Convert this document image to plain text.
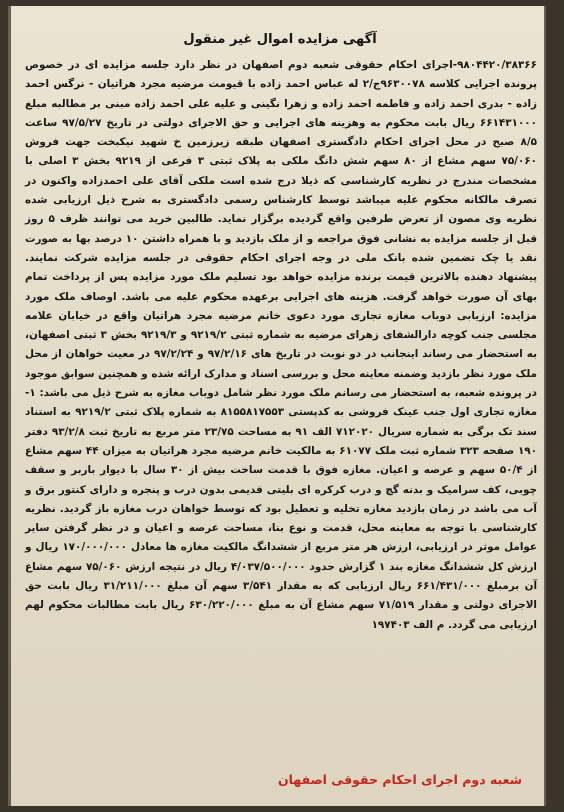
آگهی مزایده اموال غیر منقول
۹۸۰۴۴۲۰/۳۸۳۶۶-اجرای احکام حقوقی شعبه دوم اصفهان در نظر دارد جلسه مزایده ای در خصوص پرونده اجرایی کلاسه ۹۶۳۰۰۷۸ج/۲ له عباس احمد زاده با قیومت مرضیه مجرد هراتیان - نرگس احمد زاده - بدری احمد زاده و فاطمه احمد زاده و زهرا نگینی و علیه علی احمد زاده مبنی بر مطالبه مبلغ ۶۶۱۴۳۱۰۰۰ ریال بابت محکوم به وهزینه های اجرایی و حق الاجرای دولتی در تاریخ ۹۷/۵/۲۷ ساعت ۸/۵ صبح در محل اجرای احکام دادگستری اصفهان طبقه زیرزمین خ شهید نیکبخت جهت فروش ۷۵/۰۶۰ سهم مشاع از ۸۰ سهم شش دانگ ملکی به پلاک ثبتی ۳ فرعی از ۹۲۱۹ بخش ۳ اصلی با مشخصات مندرج در نظریه کارشناسی که ذیلا درج شده است ملکی آقای علی احمدزاده واکنون در تصرف مالکانه محکوم علیه میباشد توسط کارشناس رسمی دادگستری به شرح ذیل ارزیابی شده نظریه وی مصون از تعرض طرفین واقع گردیده برگزار نماید. طالبین خرید می توانند ظرف ۵ روز قبل از جلسه مزایده به نشانی فوق مراجعه و از ملک بازدید و با همراه داشتن ۱۰ درصد بها به صورت نقد یا چک تضمین شده بانک ملی در وجه اجرای احکام حقوقی در جلسه مزایده شرکت نمایند. پیشنهاد دهنده بالاترین قیمت برنده مزایده خواهد بود تسلیم ملک مورد مزایده پس از پرداخت تمام بهای آن صورت خواهد گرفت. هزینه های اجرایی برعهده محکوم علیه می باشد. اوصاف ملک مورد مزایده: ارزیابی دوباب مغازه تجاری مورد دعوی خانم مرضیه مجرد هراتیان واقع در خیابان علامه مجلسی جنب کوچه دارالشفای زهرای مرضیه به شماره ثبتی ۹۲۱۹/۲ و ۹۲۱۹/۳ بخش ۳ ثبتی اصفهان، به استحضار می رساند اینجانب در دو نوبت در تاریخ های ۹۷/۲/۱۶ و ۹۷/۲/۲۴ در معیت خواهان از محل ملک مورد نظر بازدید وضمنه معاینه محل و بررسی اسناد و مدارک ارائه شده و همچنین سوابق موجود در پرونده شعبه، به استحضار می رسانم ملک مورد نظر شامل دوباب مغازه به شرح ذیل می باشد: ۱-مغازه تجاری اول جنب عینک فروشی به کدپستی ۸۱۵۵۸۱۷۵۵۳ به شماره پلاک ثبتی ۹۲۱۹/۲ به استناد سند تک برگی به شماره سریال ۷۱۲۰۲۰ الف ۹۱ به مساحت ۲۳/۷۵ متر مربع به تاریخ ثبت ۹۳/۲/۸ دفتر ۱۹۰ صفحه ۳۲۳ شماره ثبت ملک ۶۱۰۷۷ به مالکیت خانم مرضیه مجرد هراتیان به میزان ۴۴ سهم مشاع از ۵۰/۴ سهم و عرصه و اعیان. مغازه فوق با قدمت ساخت بیش از ۳۰ سال با دیوار باربر و سقف چوبی، کف سرامیک و بدنه گچ و درب کرکره ای بلیتی قدیمی بدون درب و پنجره و دارای کنتور برق و آب می باشد در زمان بازدید مغازه تخلیه و تعطیل بود که توسط خواهان درب مغازه باز گردید. نظریه کارشناسی با توجه به معاینه محل، قدمت و نوع بنا، مساحت عرصه و اعیان و در نظر گرفتن سایر عوامل موثر در ارزیابی، ارزش هر متر مربع از ششدانگ مالکیت مغازه ها معادل ۱۷۰/۰۰۰/۰۰۰ ریال و ارزش کل ششدانگ مغازه بند ۱ گزارش حدود ۴/۰۳۷/۵۰۰/۰۰۰ ریال در نتیجه ارزش ۷۵/۰۶۰ سهم مشاع آن برمبلغ ۶۶۱/۴۳۱/۰۰۰ ریال ارزیابی که به مقدار ۳/۵۴۱ سهم آن مبلغ ۳۱/۲۱۱/۰۰۰ ریال بابت حق الاجرای دولتی و مقدار ۷۱/۵۱۹ سهم مشاع آن به مبلغ ۶۳۰/۲۲۰/۰۰۰ ریال بابت مطالبات محکوم لهم ارزیابی می گردد. م الف ۱۹۷۴۰۳
شعبه دوم اجرای احکام حقوقی اصفهان
